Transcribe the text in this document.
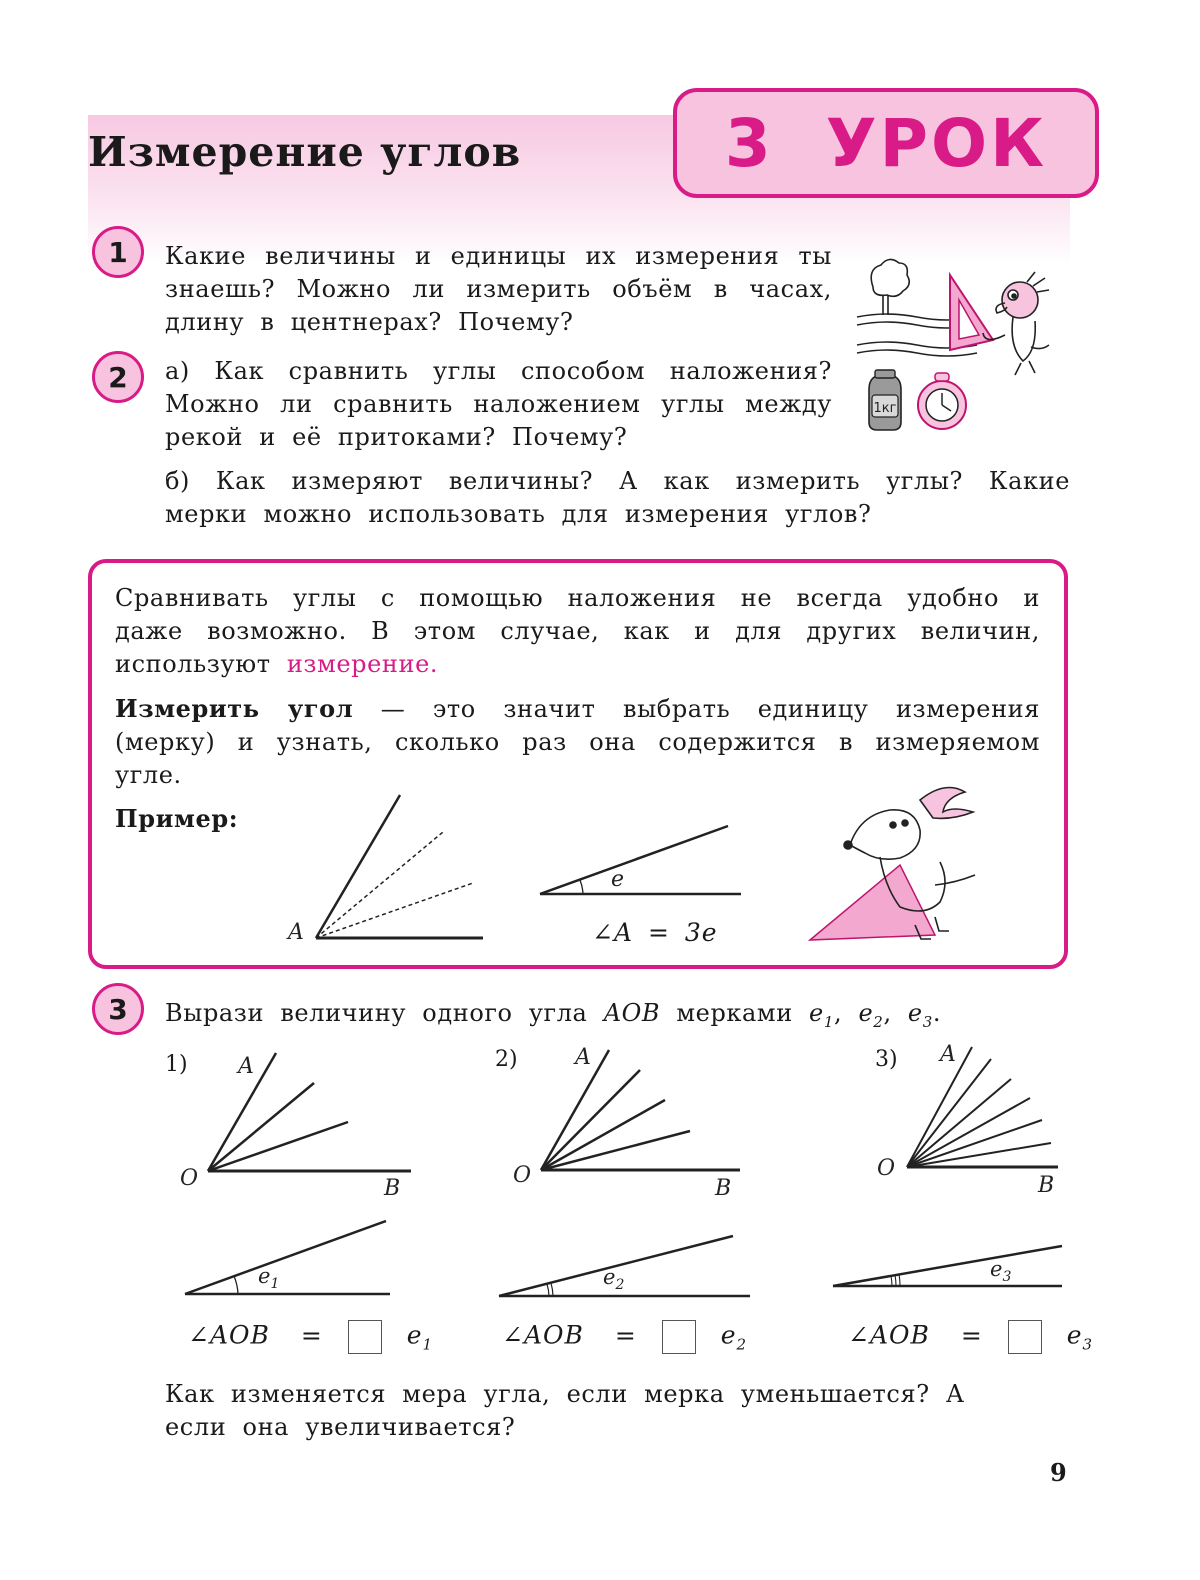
Измерение углов	3 УРОК
1 Какие величины и единицы их измерения ты знаешь? Можно ли измерить объём в часах, длину в центнерах? Почему?

1кг
2 а) Как сравнить углы способом наложения? Можно ли сравнить наложением углы между рекой и её притоками? Почему?

б) Как измеряют величины? А как измерить углы? Какие мерки можно использовать для измерения углов?

Сравнивать углы с помощью наложения не всегда удобно и даже возможно. В этом случае, как и для других величин, используют измерение.

Измерить угол — это значит выбрать единицу измерения (мерку) и узнать, сколько раз она содержится в измеряемом угле.

Пример:

A
e
∠A = 3e
3 Вырази величину одного угла AOB мерками $e_1$, $e_2$, $e_3$.

1) A
O	B
$e_1$
∠AOB =	$e_1$
2)	A
O
B
$e_2$
∠AOB =	$e_2$
3) A
O
B
$e_3$
∠AOB =	$e_3$

Как изменяется мера угла, если мерка уменьшается? А если она увеличивается?

9
